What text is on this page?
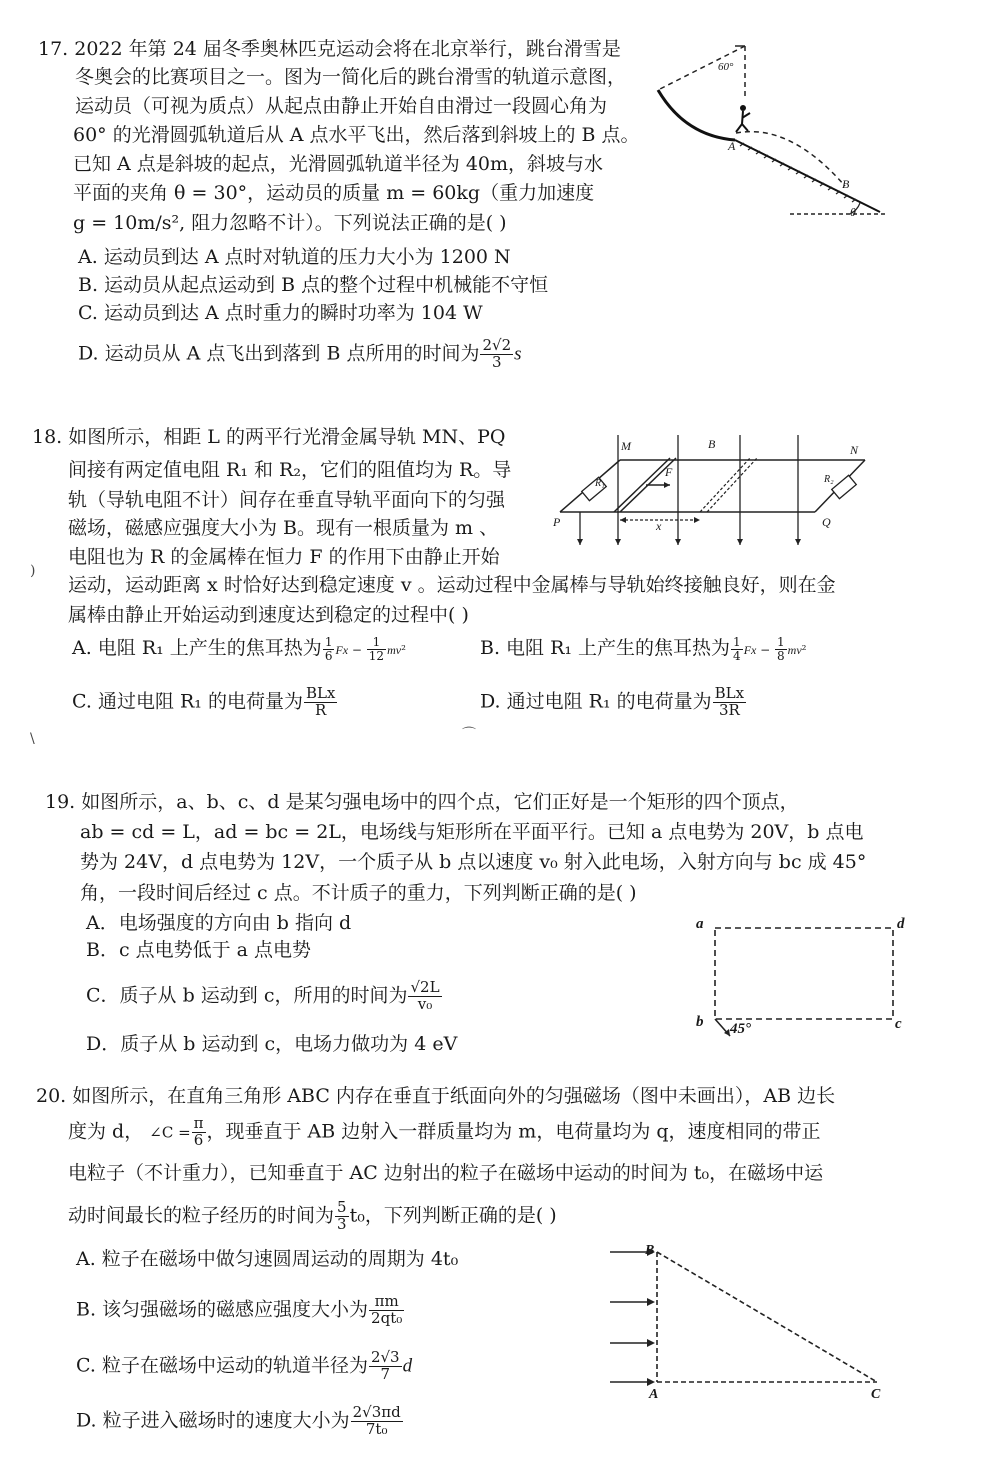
17. 2022 年第 24 届冬季奥林匹克运动会将在北京举行，跳台滑雪是
冬奥会的比赛项目之一。图为一简化后的跳台滑雪的轨道示意图，
运动员（可视为质点）从起点由静止开始自由滑过一段圆心角为
60° 的光滑圆弧轨道后从 A 点水平飞出，然后落到斜坡上的 B 点。
已知 A 点是斜坡的起点，光滑圆弧轨道半径为 40m，斜坡与水
平面的夹角 θ = 30°，运动员的质量 m = 60kg（重力加速度
g = 10m/s², 阻力忽略不计）。下列说法正确的是( )
A. 运动员到达 A 点时对轨道的压力大小为 1200 N
B. 运动员从起点运动到 B 点的整个过程中机械能不守恒
C. 运动员到达 A 点时重力的瞬时功率为 104 W
D. 运动员从 A 点飞出到落到 B 点所用的时间为 $\frac{2√2}{3}$ s
60°
A
B
θ
18. 如图所示，相距 L 的两平行光滑金属导轨 MN、PQ
间接有两定值电阻 R₁ 和 R₂，它们的阻值均为 R。导
轨（导轨电阻不计）间存在垂直导轨平面向下的匀强
磁场，磁感应强度大小为 B。现有一根质量为 m 、
电阻也为 R 的金属棒在恒力 F 的作用下由静止开始
运动，运动距离 x 时恰好达到稳定速度 v 。运动过程中金属棒与导轨始终接触良好，则在金
属棒由静止开始运动到速度达到稳定的过程中( )
A. 电阻 R₁ 上产生的焦耳热为 $\frac{1}{6}$ $Fx - \frac{1}{12} mv^2$	B. 电阻 R₁ 上产生的焦耳热为 $\frac{1}{4}$ $Fx - \frac{1}{8} mv^2$
C. 通过电阻 R₁ 的电荷量为 $\frac{\text{BLx}}{R}$	D. 通过电阻 R₁ 的电荷量为 $\frac{\text{BLx}}{3R}$
M	N
P	Q
B
F
R₁	R₂
x
)
\	⌒
19. 如图所示，a、b、c、d 是某匀强电场中的四个点，它们正好是一个矩形的四个顶点，
ab = cd = L，ad = bc = 2L，电场线与矩形所在平面平行。已知 a 点电势为 20V，b 点电
势为 24V，d 点电势为 12V，一个质子从 b 点以速度 v₀ 射入此电场，入射方向与 bc 成 45°
角，一段时间后经过 c 点。不计质子的重力，下列判断正确的是( )
A．电场强度的方向由 b 指向 d
B．c 点电势低于 a 点电势
C．质子从 b 运动到 c，所用的时间为 $\frac{√2L}{\text{v₀}}$
D．质子从 b 运动到 c，电场力做功为 4 eV
a	d
b	c
45°
20. 如图所示，在直角三角形 ABC 内存在垂直于纸面向外的匀强磁场（图中未画出），AB 边长
度为 d， ∠C = $\frac{\pi}{6}$ ，现垂直于 AB 边射入一群质量均为 m，电荷量均为 q，速度相同的带正
电粒子（不计重力），已知垂直于 AC 边射出的粒子在磁场中运动的时间为 t₀，在磁场中运
动时间最长的粒子经历的时间为 $\frac{5}{3} t_0$，下列判断正确的是( )
A. 粒子在磁场中做匀速圆周运动的周期为 4t₀
B. 该匀强磁场的磁感应强度大小为 $\frac{\pi m}{\text{2qt₀}}$
C. 粒子在磁场中运动的轨道半径为 $\frac{2√3}{7}$ d
D. 粒子进入磁场时的速度大小为 $\frac{2√3\pi d}{\text{7t₀}}$
B
A	C
